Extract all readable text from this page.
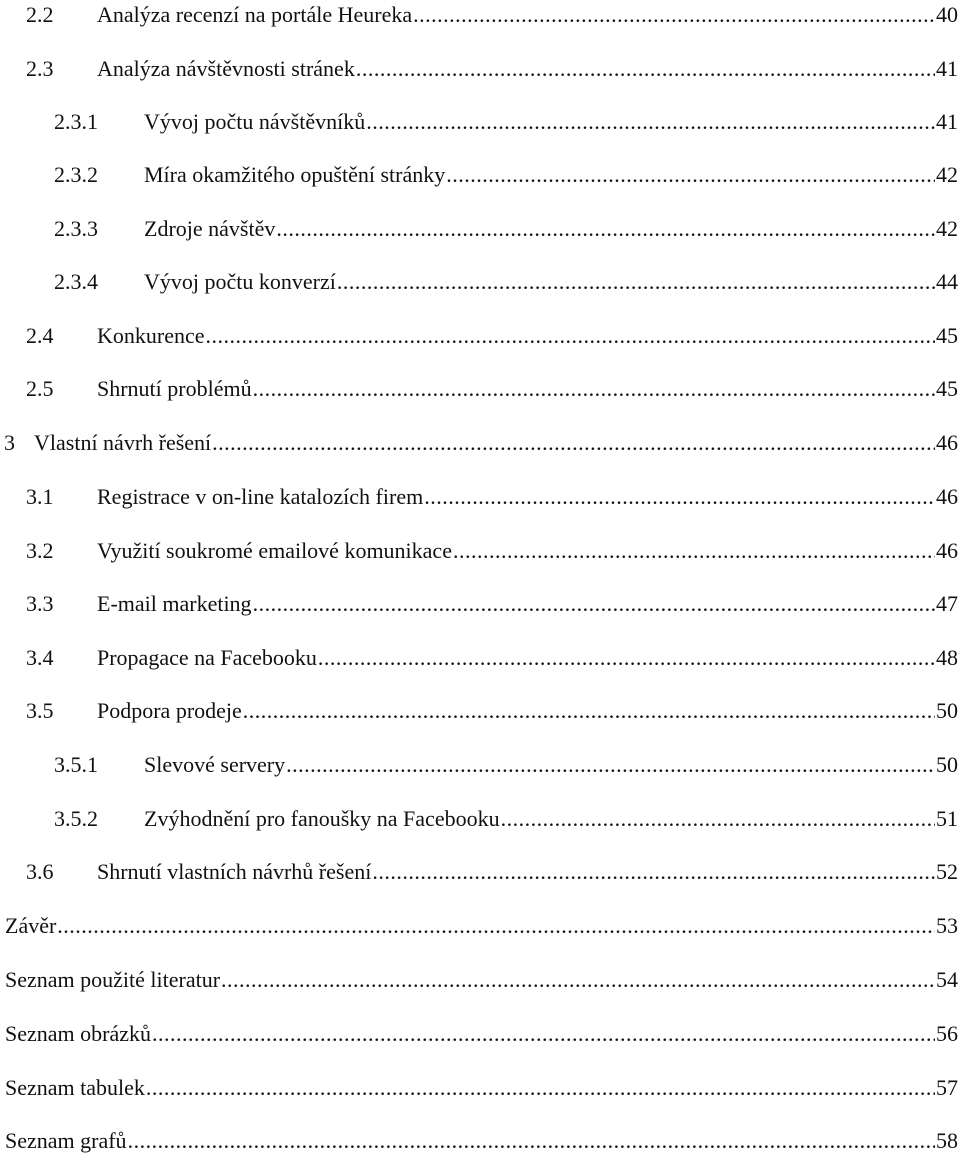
2.2 Analýza recenzí na portále Heureka .....	40
2.3 Analýza návštěvnosti stránek .....	41
2.3.1 Vývoj počtu návštěvníků .....	41
2.3.2 Míra okamžitého opuštění stránky .....	42
2.3.3 Zdroje návštěv .....	42
2.3.4 Vývoj počtu konverzí .....	44
2.4 Konkurence .....	45
2.5 Shrnutí problémů .....	45
3 Vlastní návrh řešení .....	46
3.1 Registrace v on-line katalozích firem .....	46
3.2 Využití soukromé emailové komunikace .....	46
3.3 E-mail marketing .....	47
3.4 Propagace na Facebooku .....	48
3.5 Podpora prodeje .....	50
3.5.1 Slevové servery .....	50
3.5.2 Zvýhodnění pro fanoušky na Facebooku .....	51
3.6 Shrnutí vlastních návrhů řešení .....	52
Závěr .....	53
Seznam použité literatur .....	54
Seznam obrázků .....	56
Seznam tabulek .....	57
Seznam grafů .....	58
